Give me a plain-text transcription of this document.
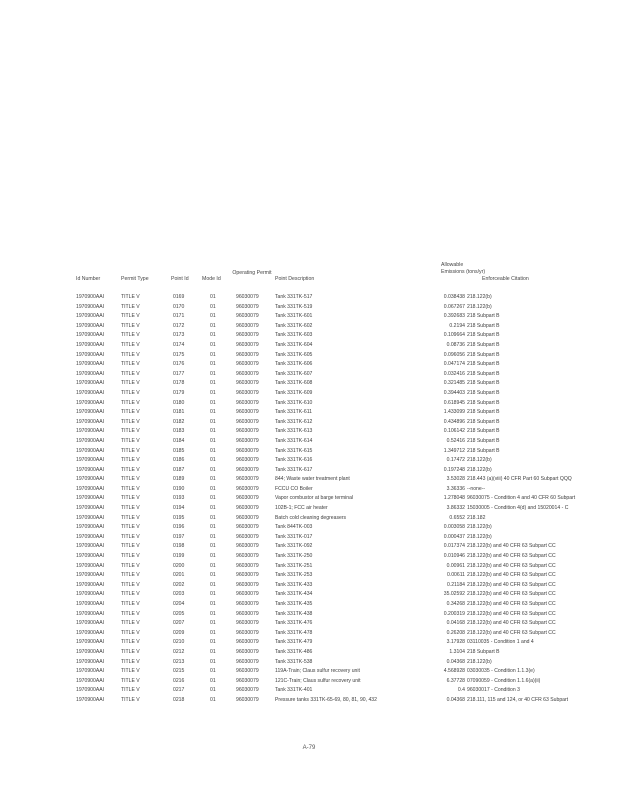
Allowable Emissions (tons/yr)
Operating Permit
Id Number	Permit Type	Point Id	Mode Id	Point Description	Enforceable Citation
1970900AAI	TITLE V	0169	01	96030079	Tank 331TK-517	0.038438 218.122(b)
1970900AAI	TITLE V	0170	01	96030079	Tank 331TK-519	0.067267 218.122(b)
1970900AAI	TITLE V	0171	01	96030079	Tank 331TK-601	0.392683 218 Subpart B
1970900AAI	TITLE V	0172	01	96030079	Tank 331TK-602	0.2194 218 Subpart B
1970900AAI	TITLE V	0173	01	96030079	Tank 331TK-603	0.109664 218 Subpart B
1970900AAI	TITLE V	0174	01	96030079	Tank 331TK-604	0.08736 218 Subpart B
1970900AAI	TITLE V	0175	01	96030079	Tank 331TK-605	0.096056 218 Subpart B
1970900AAI	TITLE V	0176	01	96030079	Tank 331TK-606	0.047174 218 Subpart B
1970900AAI	TITLE V	0177	01	96030079	Tank 331TK-607	0.032416 218 Subpart B
1970900AAI	TITLE V	0178	01	96030079	Tank 331TK-608	0.321485 218 Subpart B
1970900AAI	TITLE V	0179	01	96030079	Tank 331TK-609	0.394403 218 Subpart B
1970900AAI	TITLE V	0180	01	96030079	Tank 331TK-610	0.618945 218 Subpart B
1970900AAI	TITLE V	0181	01	96030079	Tank 331TK-611	1.433099 218 Subpart B
1970900AAI	TITLE V	0182	01	96030079	Tank 331TK-612	0.434896 218 Subpart B
1970900AAI	TITLE V	0183	01	96030079	Tank 331TK-613	0.106142 218 Subpart B
1970900AAI	TITLE V	0184	01	96030079	Tank 331TK-614	0.52416 218 Subpart B
1970900AAI	TITLE V	0185	01	96030079	Tank 331TK-615	1.349712 218 Subpart B
1970900AAI	TITLE V	0186	01	96030079	Tank 331TK-616	0.17472 218.122(b)
1970900AAI	TITLE V	0187	01	96030079	Tank 331TK-617	0.197248 218.122(b)
1970900AAI	TITLE V	0189	01	96030079	844; Waste water treatment plant	3.53028 218.443 (a)(viii) 40 CFR Part 60 Subpart QQQ
1970900AAI	TITLE V	0190	01	96030079	FCCU CO Boiler	3.36336 --none--
1970900AAI	TITLE V	0193	01	96030079	Vapor combustor at barge terminal	1.278048 96030075 - Condition 4 and 40 CFR 60 Subpart
1970900AAI	TITLE V	0194	01	96030079	102B-1; FCC air heater	3.86332 15030005 - Condition 4(d) and 15020014 - C
1970900AAI	TITLE V	0195	01	96030079	Batch cold cleaning degreasers	0.6552 218.182
1970900AAI	TITLE V	0196	01	96030079	Tank 844TK-003	0.003058 218.122(b)
1970900AAI	TITLE V	0197	01	96030079	Tank 331TK-017	0.000437 218.122(b)
1970900AAI	TITLE V	0198	01	96030079	Tank 331TK-092	0.017374 218.122(b) and 40 CFR 63 Subpart CC
1970900AAI	TITLE V	0199	01	96030079	Tank 331TK-250	0.010946 218.122(b) and 40 CFR 63 Subpart CC
1970900AAI	TITLE V	0200	01	96030079	Tank 331TK-251	0.00961 218.122(b) and 40 CFR 63 Subpart CC
1970900AAI	TITLE V	0201	01	96030079	Tank 331TK-253	0.00611 218.122(b) and 40 CFR 63 Subpart CC
1970900AAI	TITLE V	0202	01	96030079	Tank 331TK-433	0.21184 218.122(b) and 40 CFR 63 Subpart CC
1970900AAI	TITLE V	0203	01	96030079	Tank 331TK-434	35.02592 218.122(b) and 40 CFR 63 Subpart CC
1970900AAI	TITLE V	0204	01	96030079	Tank 331TK-435	0.34268 218.122(b) and 40 CFR 63 Subpart CC
1970900AAI	TITLE V	0205	01	96030079	Tank 331TK-438	0.200319 218.122(b) and 40 CFR 63 Subpart CC
1970900AAI	TITLE V	0207	01	96030079	Tank 331TK-476	0.04168 218.122(b) and 40 CFR 63 Subpart CC
1970900AAI	TITLE V	0209	01	96030079	Tank 331TK-478	0.26208 218.122(b) and 40 CFR 63 Subpart CC
1970900AAI	TITLE V	0210	01	96030079	Tank 331TK-479	3.17928 03110035 - Condition 1 and 4
1970900AAI	TITLE V	0212	01	96030079	Tank 331TK-486	1.3104 218 Subpart B
1970900AAI	TITLE V	0213	01	96030079	Tank 331TK-538	0.04368 218.122(b)
1970900AAI	TITLE V	0215	01	96030079	119A-Train; Claus sulfur recovery unit	4.568928 03030035 - Condition 1.1.3(e)
1970900AAI	TITLE V	0216	01	96030079	121C-Train; Claus sulfur recovery unit	6.37728 07090059 - Condition 1.1.6(a)(ii)
1970900AAI	TITLE V	0217	01	96030079	Tank 331TK-401	0.4 96030017 - Condition 3
1970900AAI	TITLE V	0218	01	96030079	Pressure tanks 331TK-65-69, 80, 81, 90, 432	0.04368 218.111, 115 and 124, or 40 CFR 63 Subpart
A-79
